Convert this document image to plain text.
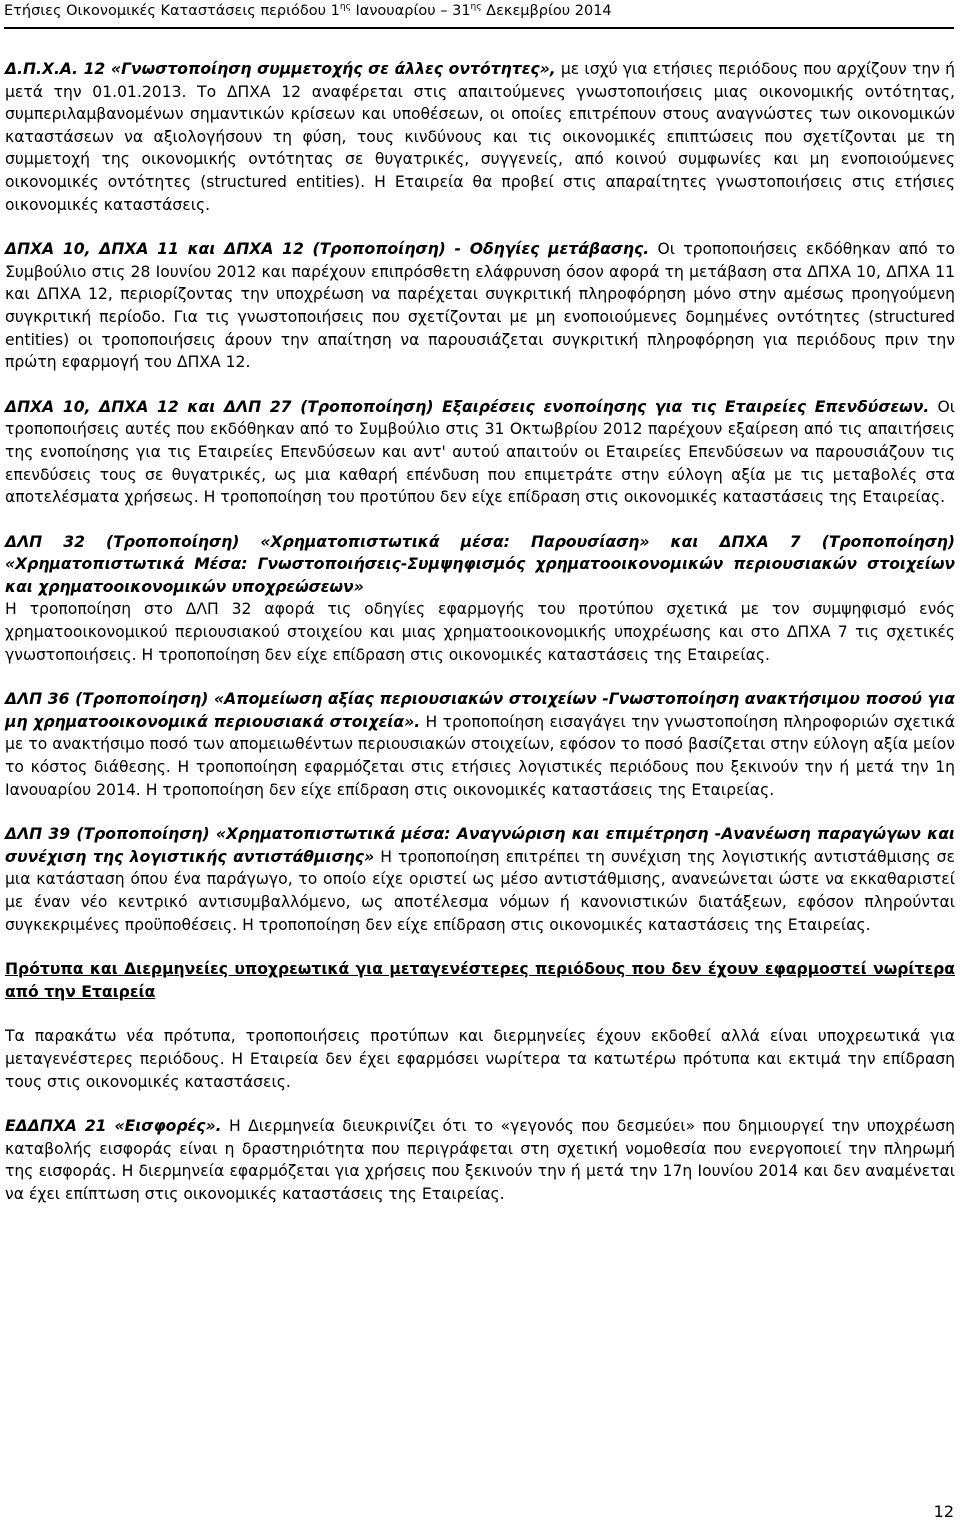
Ετήσιες Οικονομικές Καταστάσεις περιόδου $1^{\eta\varsigma}$ Ιανουαρίου – $31^{\eta\varsigma}$ Δεκεμβρίου 2014

Δ.Π.Χ.Α. 12 «Γνωστοποίηση συμμετοχής σε άλλες οντότητες», με ισχύ για ετήσιες περιόδους που αρχίζουν την ή μετά την 01.01.2013. Το ΔΠΧΑ 12 αναφέρεται στις απαιτούμενες γνωστοποιήσεις μιας οικονομικής οντότητας, συμπεριλαμβανομένων σημαντικών κρίσεων και υποθέσεων, οι οποίες επιτρέπουν στους αναγνώστες των οικονομικών καταστάσεων να αξιολογήσουν τη φύση, τους κινδύνους και τις οικονομικές επιπτώσεις που σχετίζονται με τη συμμετοχή της οικονομικής οντότητας σε θυγατρικές, συγγενείς, από κοινού συμφωνίες και μη ενοποιούμενες οικονομικές οντότητες (structured entities). Η Εταιρεία θα προβεί στις απαραίτητες γνωστοποιήσεις στις ετήσιες οικονομικές καταστάσεις.

ΔΠΧΑ 10, ΔΠΧΑ 11 και ΔΠΧΑ 12 (Τροποποίηση) - Οδηγίες μετάβασης. Οι τροποποιήσεις εκδόθηκαν από το Συμβούλιο στις 28 Ιουνίου 2012 και παρέχουν επιπρόσθετη ελάφρυνση όσον αφορά τη μετάβαση στα ΔΠΧΑ 10, ΔΠΧΑ 11 και ΔΠΧΑ 12, περιορίζοντας την υποχρέωση να παρέχεται συγκριτική πληροφόρηση μόνο στην αμέσως προηγούμενη συγκριτική περίοδο. Για τις γνωστοποιήσεις που σχετίζονται με μη ενοποιούμενες δομημένες οντότητες (structured entities) οι τροποποιήσεις άρουν την απαίτηση να παρουσιάζεται συγκριτική πληροφόρηση για περιόδους πριν την πρώτη εφαρμογή του ΔΠΧΑ 12.

ΔΠΧΑ 10, ΔΠΧΑ 12 και ΔΛΠ 27 (Τροποποίηση) Εξαιρέσεις ενοποίησης για τις Εταιρείες Επενδύσεων. Οι τροποποιήσεις αυτές που εκδόθηκαν από το Συμβούλιο στις 31 Οκτωβρίου 2012 παρέχουν εξαίρεση από τις απαιτήσεις της ενοποίησης για τις Εταιρείες Επενδύσεων και αντ' αυτού απαιτούν οι Εταιρείες Επενδύσεων να παρουσιάζουν τις επενδύσεις τους σε θυγατρικές, ως μια καθαρή επένδυση που επιμετράτε στην εύλογη αξία με τις μεταβολές στα αποτελέσματα χρήσεως. Η τροποποίηση του προτύπου δεν είχε επίδραση στις οικονομικές καταστάσεις της Εταιρείας.

ΔΛΠ 32 (Τροποποίηση) «Χρηματοπιστωτικά μέσα: Παρουσίαση» και ΔΠΧΑ 7 (Τροποποίηση) «Χρηματοπιστωτικά Μέσα: Γνωστοποιήσεις-Συμψηφισμός χρηματοοικονομικών περιουσιακών στοιχείων και χρηματοοικονομικών υποχρεώσεων»
Η τροποποίηση στο ΔΛΠ 32 αφορά τις οδηγίες εφαρμογής του προτύπου σχετικά με τον συμψηφισμό ενός χρηματοοικονομικού περιουσιακού στοιχείου και μιας χρηματοοικονομικής υποχρέωσης και στο ΔΠΧΑ 7 τις σχετικές γνωστοποιήσεις. Η τροποποίηση δεν είχε επίδραση στις οικονομικές καταστάσεις της Εταιρείας.

ΔΛΠ 36 (Τροποποίηση) «Απομείωση αξίας περιουσιακών στοιχείων -Γνωστοποίηση ανακτήσιμου ποσού για μη χρηματοοικονομικά περιουσιακά στοιχεία». Η τροποποίηση εισαγάγει την γνωστοποίηση πληροφοριών σχετικά με το ανακτήσιμο ποσό των απομειωθέντων περιουσιακών στοιχείων, εφόσον το ποσό βασίζεται στην εύλογη αξία μείον το κόστος διάθεσης. Η τροποποίηση εφαρμόζεται στις ετήσιες λογιστικές περιόδους που ξεκινούν την ή μετά την 1η Ιανουαρίου 2014. Η τροποποίηση δεν είχε επίδραση στις οικονομικές καταστάσεις της Εταιρείας.

ΔΛΠ 39 (Τροποποίηση) «Χρηματοπιστωτικά μέσα: Αναγνώριση και επιμέτρηση -Ανανέωση παραγώγων και συνέχιση της λογιστικής αντιστάθμισης» Η τροποποίηση επιτρέπει τη συνέχιση της λογιστικής αντιστάθμισης σε μια κατάσταση όπου ένα παράγωγο, το οποίο είχε οριστεί ως μέσο αντιστάθμισης, ανανεώνεται ώστε να εκκαθαριστεί με έναν νέο κεντρικό αντισυμβαλλόμενο, ως αποτέλεσμα νόμων ή κανονιστικών διατάξεων, εφόσον πληρούνται συγκεκριμένες προϋποθέσεις. Η τροποποίηση δεν είχε επίδραση στις οικονομικές καταστάσεις της Εταιρείας.

Πρότυπα και Διερμηνείες υποχρεωτικά για μεταγενέστερες περιόδους που δεν έχουν εφαρμοστεί νωρίτερα από την Εταιρεία

Τα παρακάτω νέα πρότυπα, τροποποιήσεις προτύπων και διερμηνείες έχουν εκδοθεί αλλά είναι υποχρεωτικά για μεταγενέστερες περιόδους. Η Εταιρεία δεν έχει εφαρμόσει νωρίτερα τα κατωτέρω πρότυπα και εκτιμά την επίδραση τους στις οικονομικές καταστάσεις.

ΕΔΔΠΧΑ 21 «Εισφορές». Η Διερμηνεία διευκρινίζει ότι το «γεγονός που δεσμεύει» που δημιουργεί την υποχρέωση καταβολής εισφοράς είναι η δραστηριότητα που περιγράφεται στη σχετική νομοθεσία που ενεργοποιεί την πληρωμή της εισφοράς. Η διερμηνεία εφαρμόζεται για χρήσεις που ξεκινούν την ή μετά την 17η Ιουνίου 2014 και δεν αναμένεται να έχει επίπτωση στις οικονομικές καταστάσεις της Εταιρείας.

12
